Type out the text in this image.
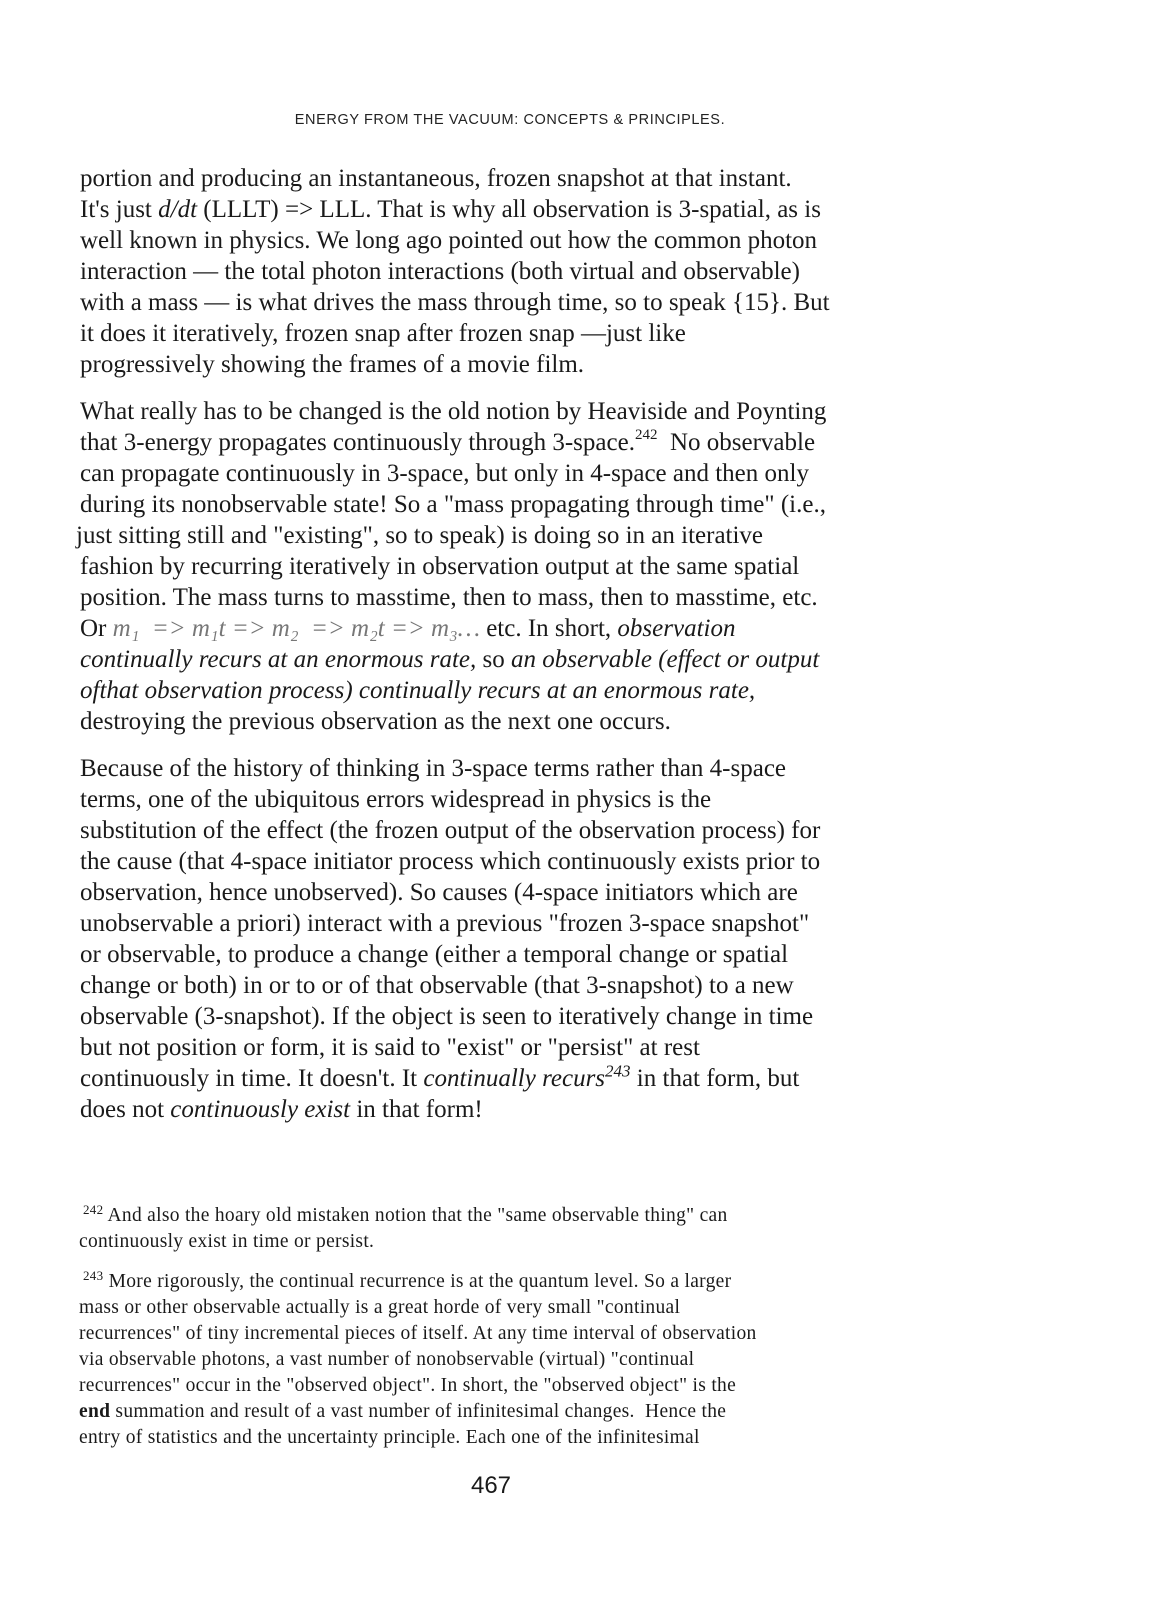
ENERGY FROM THE VACUUM: CONCEPTS & PRINCIPLES.

portion and producing an instantaneous, frozen snapshot at that instant.
It's just d/dt (LLLT) => LLL. That is why all observation is 3-spatial, as is
well known in physics. We long ago pointed out how the common photon
interaction — the total photon interactions (both virtual and observable)
with a mass — is what drives the mass through time, so to speak {15}. But
it does it iteratively, frozen snap after frozen snap —just like
progressively showing the frames of a movie film.

What really has to be changed is the old notion by Heaviside and Poynting
that 3-energy propagates continuously through 3-space.$^{242}$  No observable
can propagate continuously in 3-space, but only in 4-space and then only
during its nonobservable state! So a "mass propagating through time" (i.e.,
just sitting still and "existing", so to speak) is doing so in an iterative
fashion by recurring iteratively in observation output at the same spatial
position. The mass turns to masstime, then to mass, then to masstime, etc.
Or m₁  => m₁t => m₂  => m₂t => m₃… etc. In short, observation
continually recurs at an enormous rate, so an observable (effect or output
ofthat observation process) continually recurs at an enormous rate,
destroying the previous observation as the next one occurs.

Because of the history of thinking in 3-space terms rather than 4-space
terms, one of the ubiquitous errors widespread in physics is the
substitution of the effect (the frozen output of the observation process) for
the cause (that 4-space initiator process which continuously exists prior to
observation, hence unobserved). So causes (4-space initiators which are
unobservable a priori) interact with a previous "frozen 3-space snapshot"
or observable, to produce a change (either a temporal change or spatial
change or both) in or to or of that observable (that 3-snapshot) to a new
observable (3-snapshot). If the object is seen to iteratively change in time
but not position or form, it is said to "exist" or "persist" at rest
continuously in time. It doesn't. It continually recurs$^{243}$ in that form, but
does not continuously exist in that form!

$^{242}$ And also the hoary old mistaken notion that the "same observable thing" can
continuously exist in time or persist.
$^{243}$ More rigorously, the continual recurrence is at the quantum level. So a larger
mass or other observable actually is a great horde of very small "continual
recurrences" of tiny incremental pieces of itself. At any time interval of observation
via observable photons, a vast number of nonobservable (virtual) "continual
recurrences" occur in the "observed object". In short, the "observed object" is the
end summation and result of a vast number of infinitesimal changes.  Hence the
entry of statistics and the uncertainty principle. Each one of the infinitesimal
467
